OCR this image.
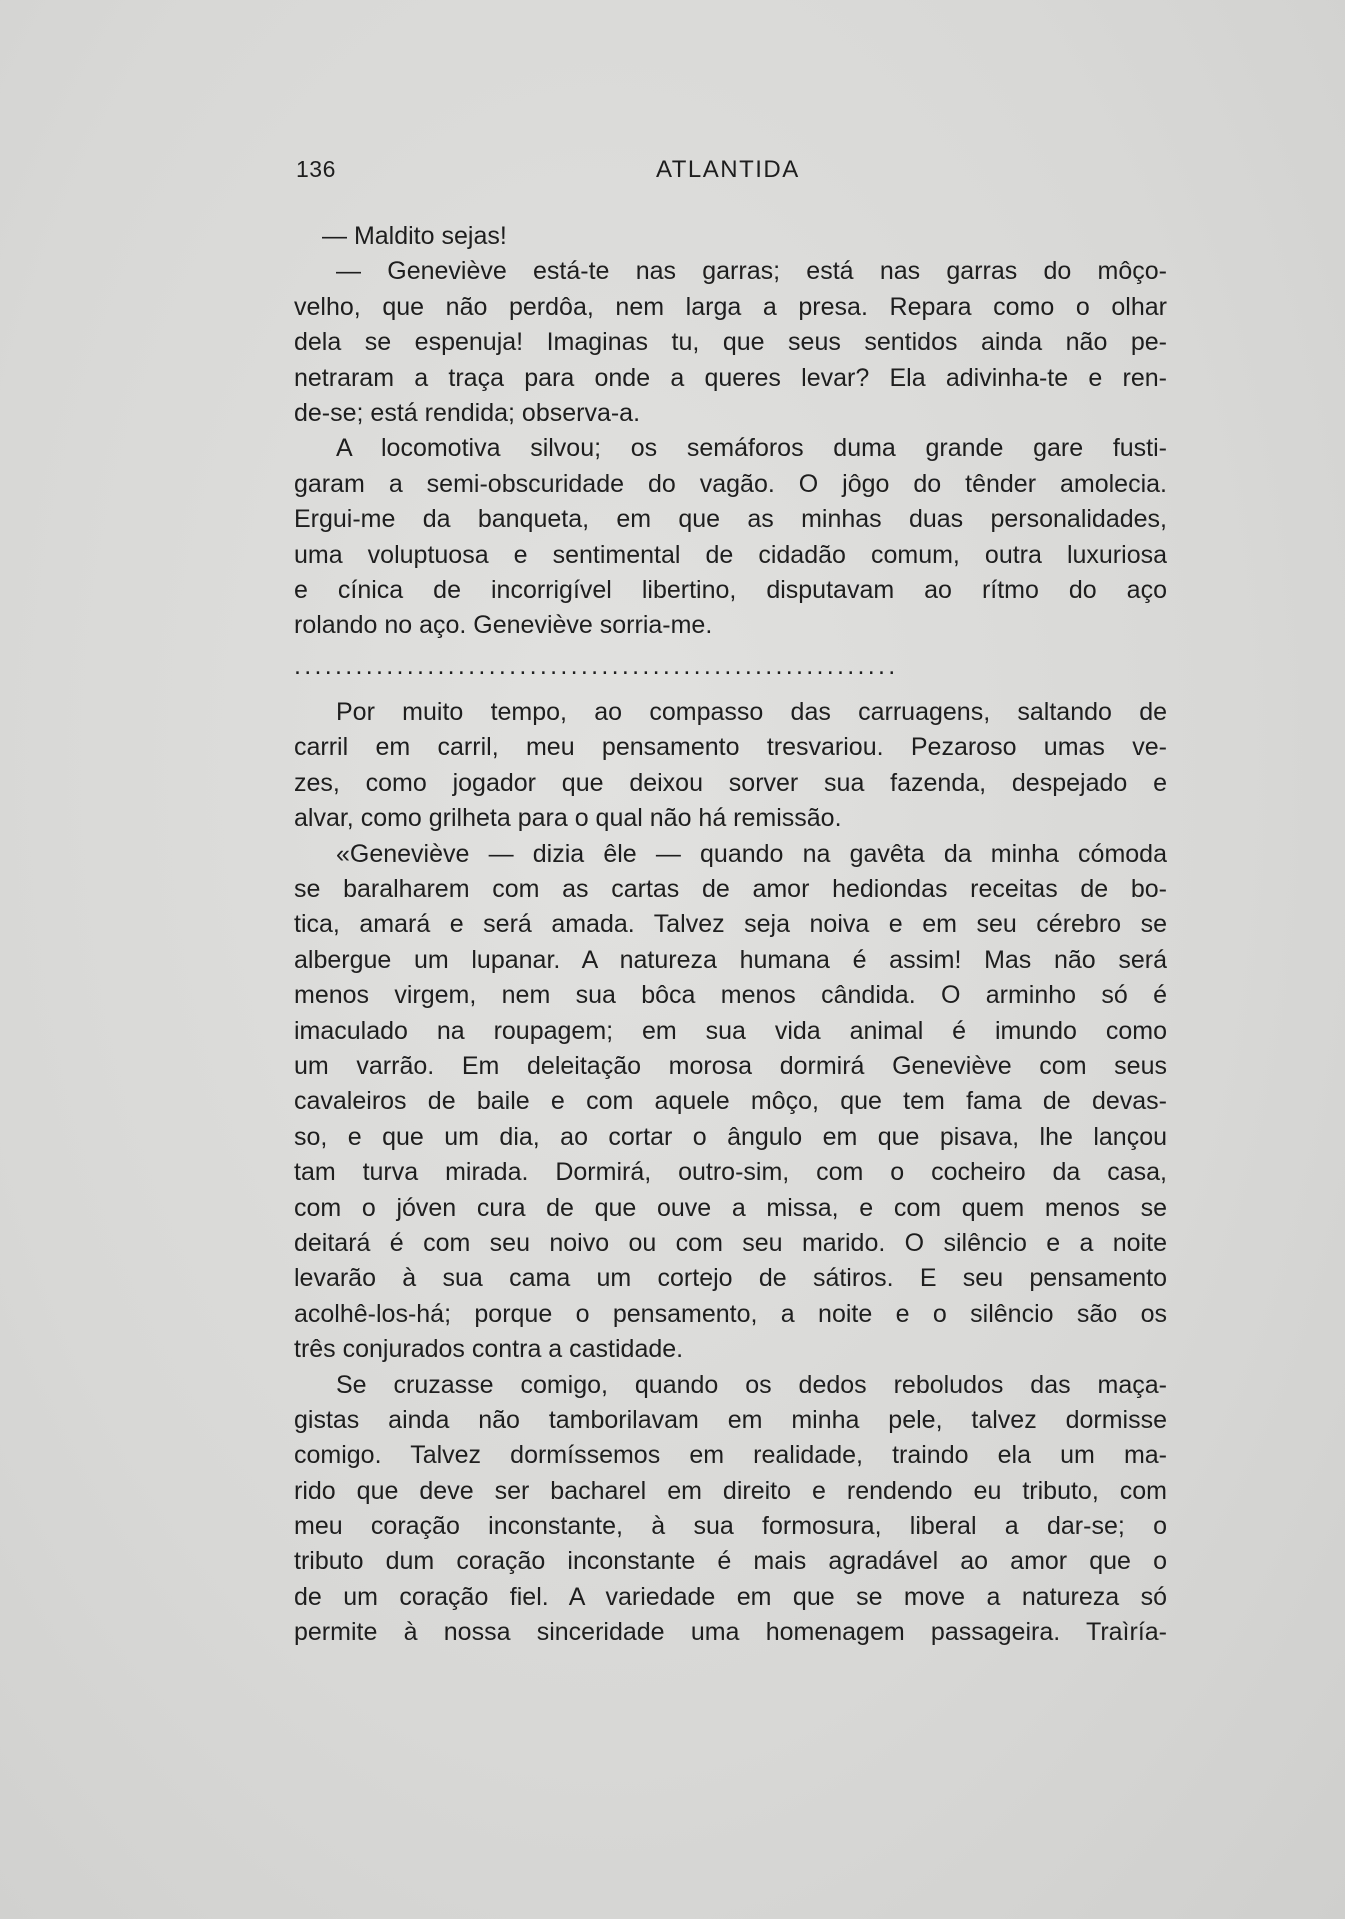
136	ATLANTIDA
— Maldito sejas!
— Geneviève está-te nas garras; está nas garras do môço-
velho, que não perdôa, nem larga a presa. Repara como o olhar
dela se espenuja! Imaginas tu, que seus sentidos ainda não pe-
netraram a traça para onde a queres levar? Ela adivinha-te e ren-
de-se; está rendida; observa-a.
A locomotiva silvou; os semáforos duma grande gare fusti-
garam a semi-obscuridade do vagão. O jôgo do tênder amolecia.
Ergui-me da banqueta, em que as minhas duas personalidades,
uma voluptuosa e sentimental de cidadão comum, outra luxuriosa
e cínica de incorrigível libertino, disputavam ao rítmo do aço
rolando no aço. Geneviève sorria-me.
...........................................................
Por muito tempo, ao compasso das carruagens, saltando de
carril em carril, meu pensamento tresvariou. Pezaroso umas ve-
zes, como jogador que deixou sorver sua fazenda, despejado e
alvar, como grilheta para o qual não há remissão.
«Geneviève — dizia êle — quando na gavêta da minha cómoda
se baralharem com as cartas de amor hediondas receitas de bo-
tica, amará e será amada. Talvez seja noiva e em seu cérebro se
albergue um lupanar. A natureza humana é assim! Mas não será
menos virgem, nem sua bôca menos cândida. O arminho só é
imaculado na roupagem; em sua vida animal é imundo como
um varrão. Em deleitação morosa dormirá Geneviève com seus
cavaleiros de baile e com aquele môço, que tem fama de devas-
so, e que um dia, ao cortar o ângulo em que pisava, lhe lançou
tam turva mirada. Dormirá, outro-sim, com o cocheiro da casa,
com o jóven cura de que ouve a missa, e com quem menos se
deitará é com seu noivo ou com seu marido. O silêncio e a noite
levarão à sua cama um cortejo de sátiros. E seu pensamento
acolhê-los-há; porque o pensamento, a noite e o silêncio são os
três conjurados contra a castidade.
Se cruzasse comigo, quando os dedos reboludos das maça-
gistas ainda não tamborilavam em minha pele, talvez dormisse
comigo. Talvez dormíssemos em realidade, traindo ela um ma-
rido que deve ser bacharel em direito e rendendo eu tributo, com
meu coração inconstante, à sua formosura, liberal a dar-se; o
tributo dum coração inconstante é mais agradável ao amor que o
de um coração fiel. A variedade em que se move a natureza só
permite à nossa sinceridade uma homenagem passageira. Traìría-
